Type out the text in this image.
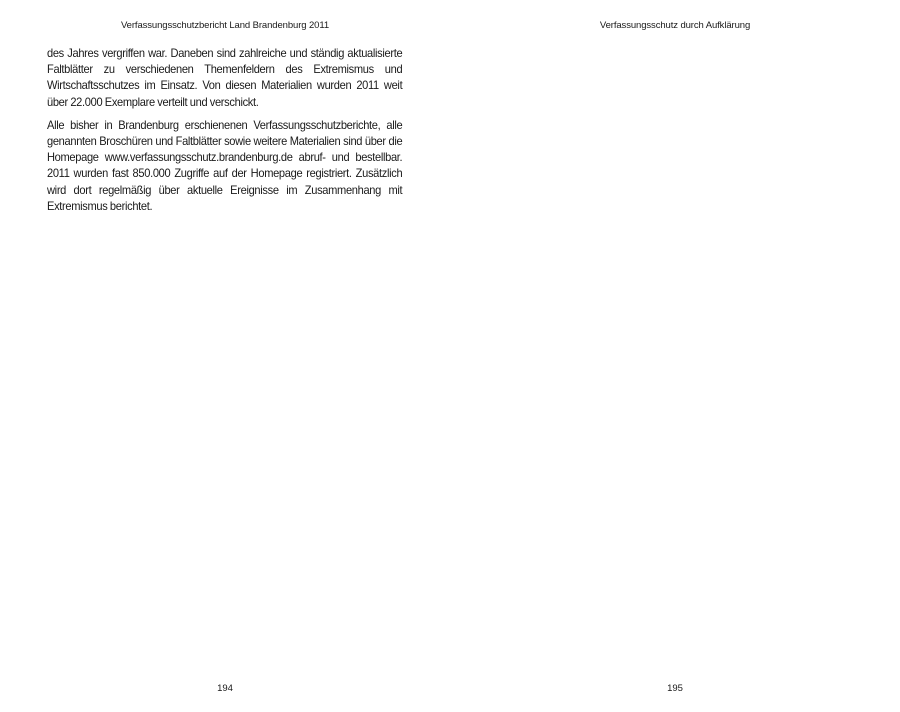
Verfassungsschutzbericht Land Brandenburg 2011

des Jahres vergriffen war. Daneben sind zahlreiche und ständig aktualisierte Faltblätter zu verschiedenen Themenfeldern des Extremismus und Wirtschaftsschutzes im Einsatz. Von diesen Materialien wurden 2011 weit über 22.000 Exemplare verteilt und verschickt.

Alle bisher in Brandenburg erschienenen Verfassungsschutzberichte, alle genannten Broschüren und Faltblätter sowie weitere Materialien sind über die Homepage www.verfassungsschutz.brandenburg.de abruf- und bestellbar. 2011 wurden fast 850.000 Zugriffe auf der Homepage registriert. Zusätzlich wird dort regelmäßig über aktuelle Ereignisse im Zusammenhang mit Extremismus berichtet.

194
Verfassungsschutz durch Aufklärung
195
